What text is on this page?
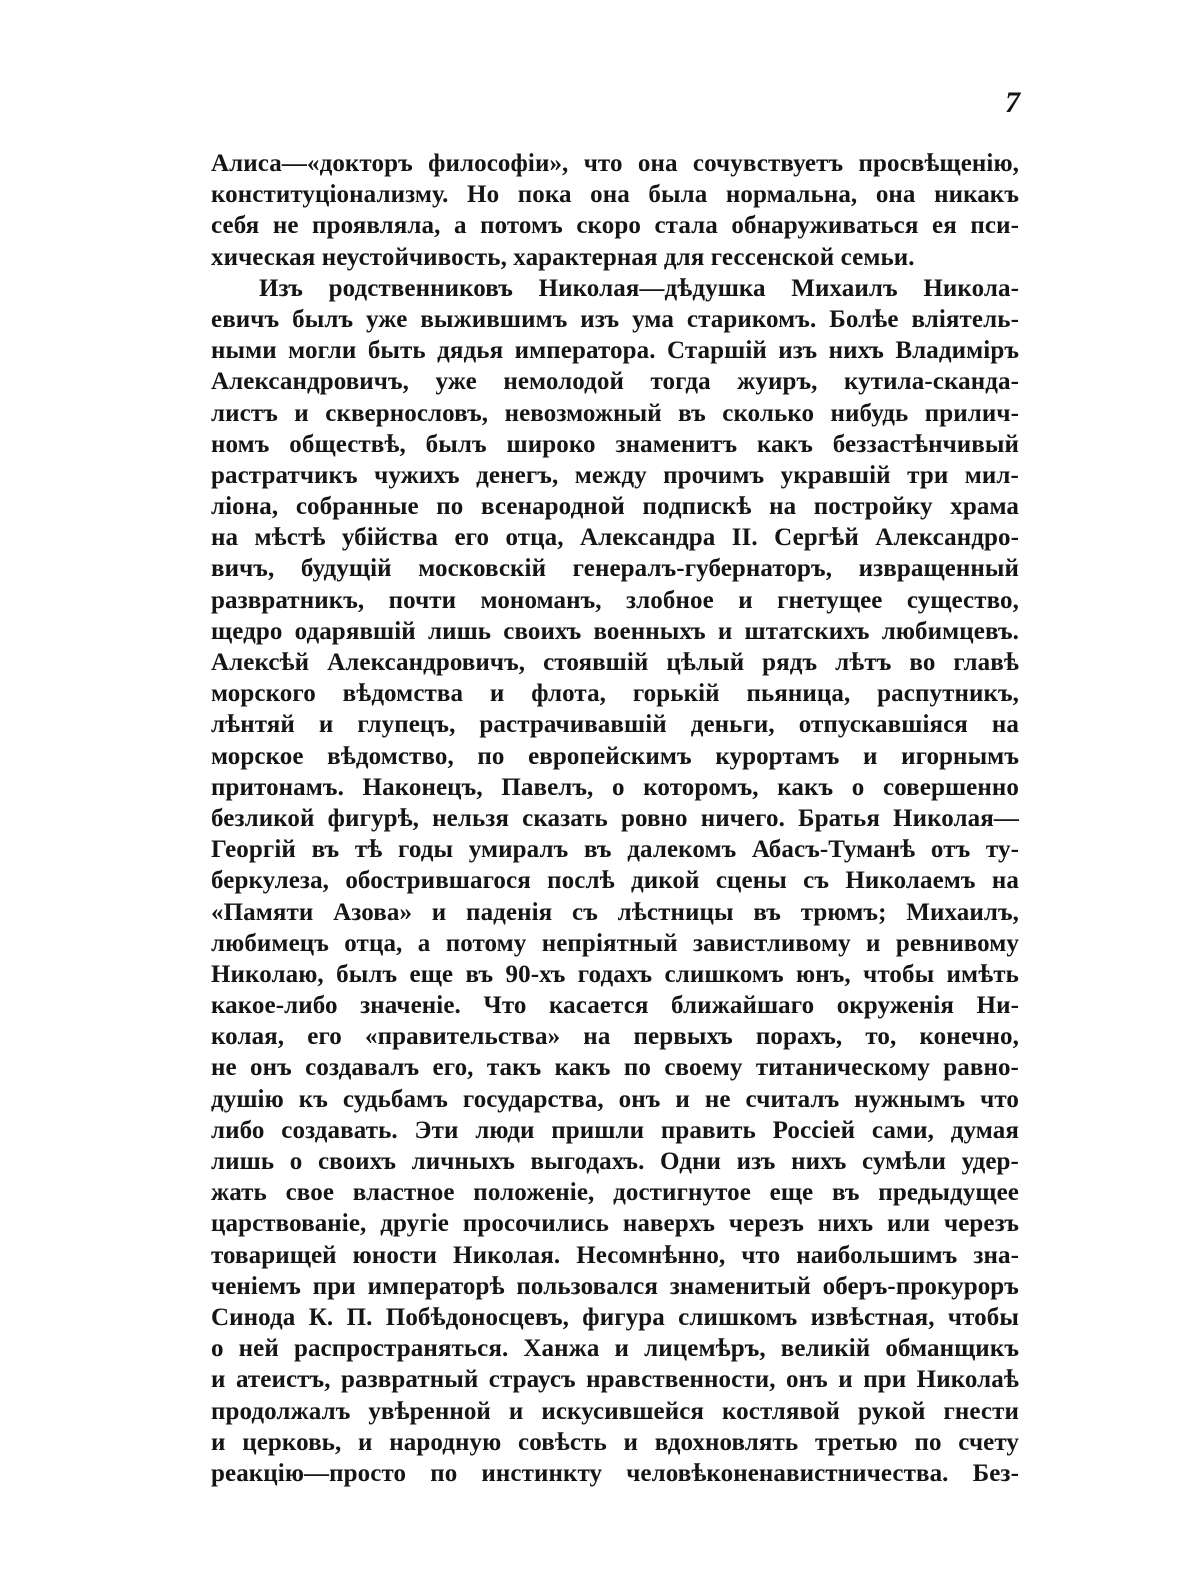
7
Алиса—«докторъ философіи», что она сочувствуетъ просвѣщенію,
конституціонализму. Но пока она была нормальна, она никакъ
себя не проявляла, а потомъ скоро стала обнаруживаться ея пси-
хическая неустойчивость, характерная для гессенской семьи.
Изъ родственниковъ Николая—дѣдушка Михаилъ Никола-
евичъ былъ уже выжившимъ изъ ума старикомъ. Болѣе вліятель-
ными могли быть дядья императора. Старшій изъ нихъ Владиміръ
Александровичъ, уже немолодой тогда жуиръ, кутила-скандa-
листъ и сквернословъ, невозможный въ сколько нибудь прилич-
номъ обществѣ, былъ широко знаменитъ какъ беззастѣнчивый
растратчикъ чужихъ денегъ, между прочимъ укравшій три мил-
ліона, собранные по всенародной подпискѣ на постройку храма
на мѣстѣ убійства его отца, Александра II. Сергѣй Александро-
вичъ, будущій московскій генералъ-губернаторъ, извращенный
развратникъ, почти мономанъ, злобное и гнетущее существо,
щедро одарявшій лишь своихъ военныхъ и штатскихъ любимцевъ.
Алексѣй Александровичъ, стоявшій цѣлый рядъ лѣтъ во главѣ
морского вѣдомства и флота, горькій пьяница, распутникъ,
лѣнтяй и глупецъ, растрачивавшій деньги, отпускавшіяся на
морское вѣдомство, по европейскимъ курортамъ и игорнымъ
притонамъ. Наконецъ, Павелъ, о которомъ, какъ о совершенно
безликой фигурѣ, нельзя сказать ровно ничего. Братья Николая—
Георгій въ тѣ годы умиралъ въ далекомъ Абасъ-Туманѣ отъ ту-
беркулеза, обострившагося послѣ дикой сцены съ Николаемъ на
«Памяти Азова» и паденія съ лѣстницы въ трюмъ; Михаилъ,
любимецъ отца, а потому непріятный завистливому и ревнивому
Николаю, былъ еще въ 90-хъ годахъ слишкомъ юнъ, чтобы имѣть
какое-либо значеніе. Что касается ближайшаго окруженія Ни-
колая, его «правительства» на первыхъ порахъ, то, конечно,
не онъ создавалъ его, такъ какъ по своему титаническому равно-
душію къ судьбамъ государства, онъ и не считалъ нужнымъ что
либо создавать. Эти люди пришли править Россіей сами, думая
лишь о своихъ личныхъ выгодахъ. Одни изъ нихъ сумѣли удер-
жать свое властное положеніе, достигнутое еще въ предыдущее
царствованіе, другіе просочились наверхъ черезъ нихъ или черезъ
товарищей юности Николая. Несомнѣнно, что наибольшимъ зна-
ченіемъ при императорѣ пользовался знаменитый оберъ-прокуроръ
Синода К. П. Побѣдоносцевъ, фигура слишкомъ извѣстная, чтобы
о ней распространяться. Ханжа и лицемѣръ, великій обманщикъ
и атеистъ, развратный страусъ нравственности, онъ и при Николаѣ
продолжалъ увѣренной и искусившейся костлявой рукой гнести
и церковь, и народную совѣсть и вдохновлять третью по счету
реакцію—просто по инстинкту человѣконенавистничества. Без-
